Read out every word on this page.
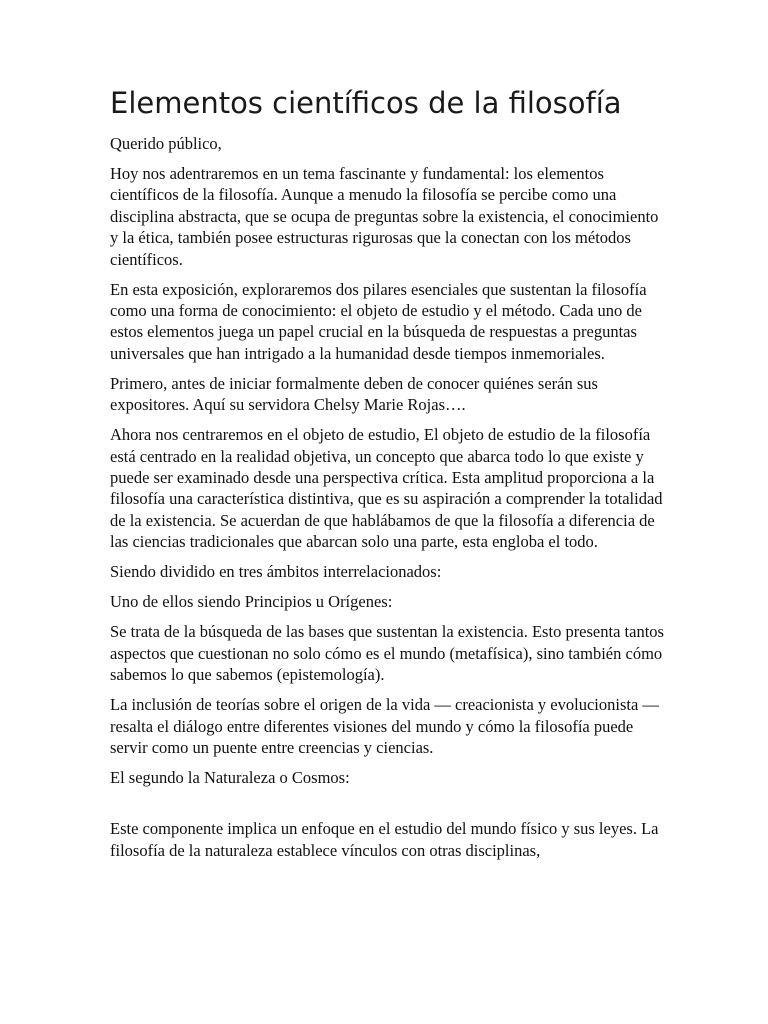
Elementos científicos de la filosofía

Querido público,

Hoy nos adentraremos en un tema fascinante y fundamental: los elementos científicos de la filosofía. Aunque a menudo la filosofía se percibe como una disciplina abstracta, que se ocupa de preguntas sobre la existencia, el conocimiento y la ética, también posee estructuras rigurosas que la conectan con los métodos científicos.

En esta exposición, exploraremos dos pilares esenciales que sustentan la filosofía como una forma de conocimiento: el objeto de estudio y el método. Cada uno de estos elementos juega un papel crucial en la búsqueda de respuestas a preguntas universales que han intrigado a la humanidad desde tiempos inmemoriales.

Primero, antes de iniciar formalmente deben de conocer quiénes serán sus expositores. Aquí su servidora Chelsy Marie Rojas….

Ahora nos centraremos en el objeto de estudio, El objeto de estudio de la filosofía está centrado en la realidad objetiva, un concepto que abarca todo lo que existe y puede ser examinado desde una perspectiva crítica. Esta amplitud proporciona a la filosofía una característica distintiva, que es su aspiración a comprender la totalidad de la existencia. Se acuerdan de que hablábamos de que la filosofía a diferencia de las ciencias tradicionales que abarcan solo una parte, esta engloba el todo.

Siendo dividido en tres ámbitos interrelacionados:

Uno de ellos siendo Principios u Orígenes:

Se trata de la búsqueda de las bases que sustentan la existencia. Esto presenta tantos aspectos que cuestionan no solo cómo es el mundo (metafísica), sino también cómo sabemos lo que sabemos (epistemología).

La inclusión de teorías sobre el origen de la vida — creacionista y evolucionista — resalta el diálogo entre diferentes visiones del mundo y cómo la filosofía puede servir como un puente entre creencias y ciencias.

El segundo la Naturaleza o Cosmos:

Este componente implica un enfoque en el estudio del mundo físico y sus leyes. La filosofía de la naturaleza establece vínculos con otras disciplinas,
